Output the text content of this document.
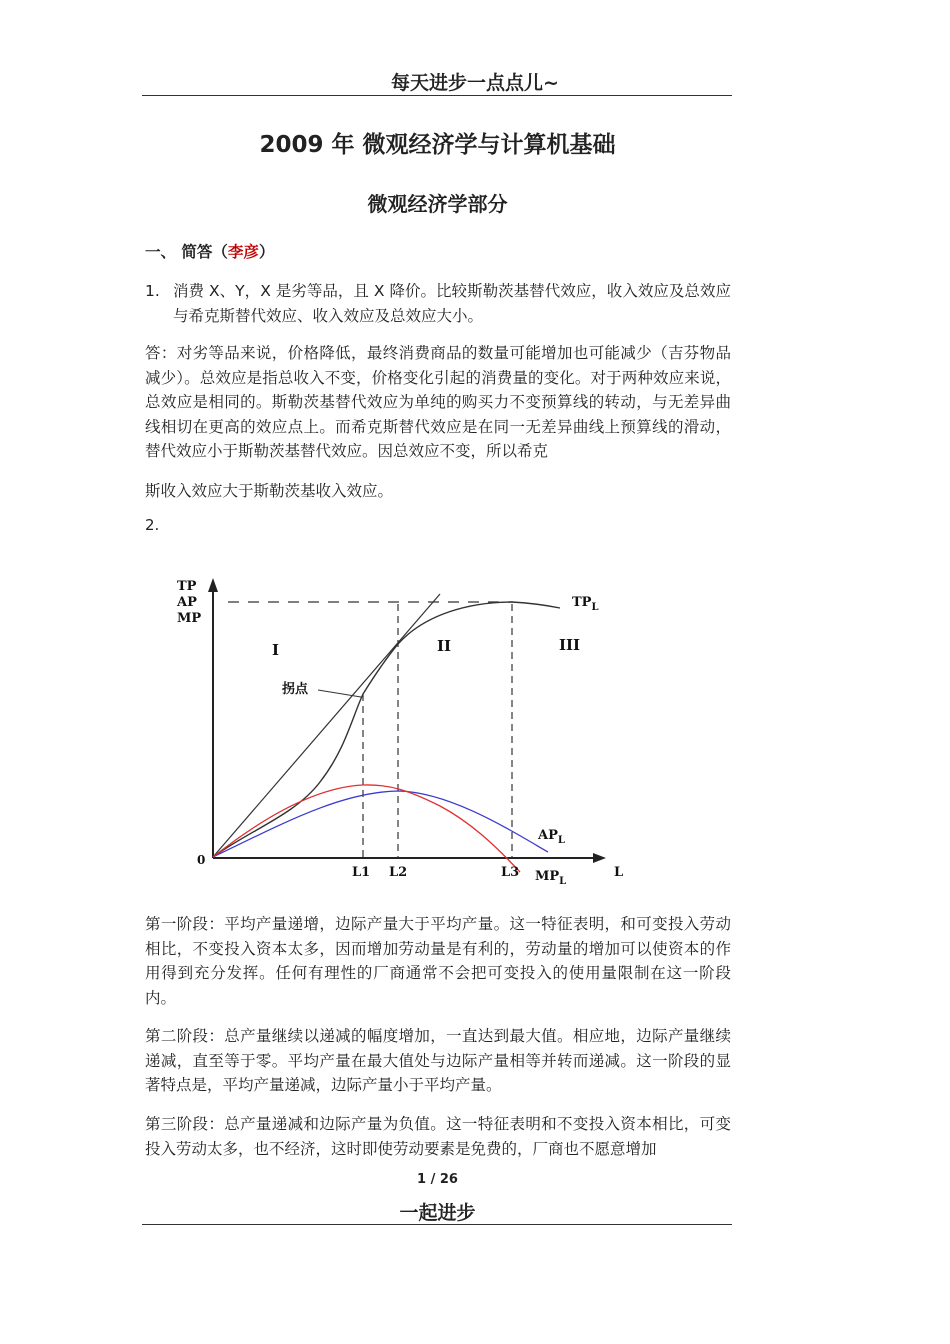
每天进步一点点儿~
2009 年 微观经济学与计算机基础
微观经济学部分
一、 简答（李彦）
1. 消费 X、Y，X 是劣等品，且 X 降价。比较斯勒茨基替代效应，收入效应及总效应与希克斯替代效应、收入效应及总效应大小。
答：对劣等品来说，价格降低，最终消费商品的数量可能增加也可能减少（吉芬物品减少）。总效应是指总收入不变，价格变化引起的消费量的变化。对于两种效应来说，总效应是相同的。斯勒茨基替代效应为单纯的购买力不变预算线的转动，与无差异曲线相切在更高的效应点上。而希克斯替代效应是在同一无差异曲线上预算线的滑动，替代效应小于斯勒茨基替代效应。因总效应不变，所以希克
斯收入效应大于斯勒茨基收入效应。
2.
TP
AP
MP
0
L
I	II	III
拐点
$TP_L$
$AP_L$
$MP_L$
L1 L2	L3
第一阶段：平均产量递增，边际产量大于平均产量。这一特征表明，和可变投入劳动相比，不变投入资本太多，因而增加劳动量是有利的，劳动量的增加可以使资本的作用得到充分发挥。任何有理性的厂商通常不会把可变投入的使用量限制在这一阶段内。
第二阶段：总产量继续以递减的幅度增加，一直达到最大值。相应地，边际产量继续递减，直至等于零。平均产量在最大值处与边际产量相等并转而递减。这一阶段的显著特点是，平均产量递减，边际产量小于平均产量。
第三阶段：总产量递减和边际产量为负值。这一特征表明和不变投入资本相比，可变投入劳动太多，也不经济，这时即使劳动要素是免费的，厂商也不愿意增加
1 / 26
一起进步
